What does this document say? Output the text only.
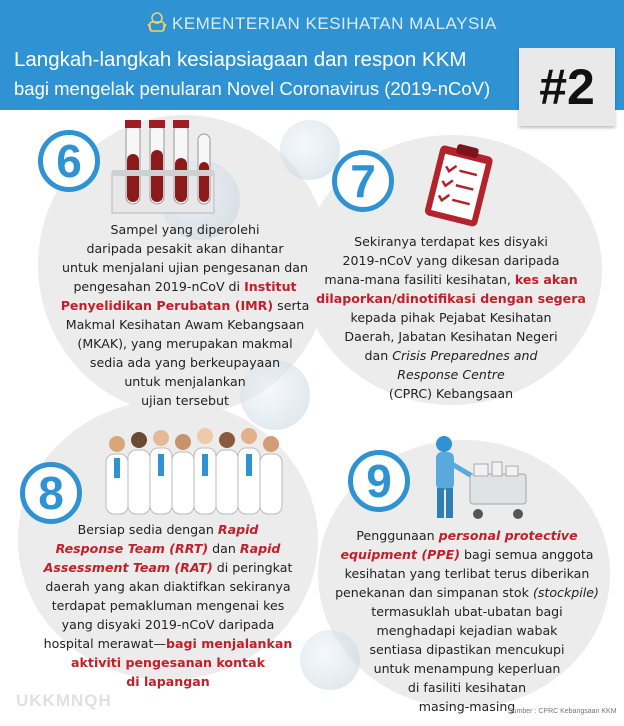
KEMENTERIAN KESIHATAN MALAYSIA
Langkah-langkah kesiapsiagaan dan respon KKM
bagi mengelak penularan Novel Coronavirus (2019-nCoV) #2
6
Sampel yang diperolehi
daripada pesakit akan dihantar
untuk menjalani ujian pengesanan dan
pengesahan 2019-nCoV di Institut
Penyelidikan Perubatan (IMR) serta
Makmal Kesihatan Awam Kebangsaan
(MKAK), yang merupakan makmal
sedia ada yang berkeupayaan
untuk menjalankan
ujian tersebut
7
Sekiranya terdapat kes disyaki
2019-nCoV yang dikesan daripada
mana-mana fasiliti kesihatan, kes akan
dilaporkan/dinotifikasi dengan segera
kepada pihak Pejabat Kesihatan
Daerah, Jabatan Kesihatan Negeri
dan Crisis Preparednes and
Response Centre
(CPRC) Kebangsaan
8
Bersiap sedia dengan Rapid
Response Team (RRT) dan Rapid
Assessment Team (RAT) di peringkat
daerah yang akan diaktifkan sekiranya
terdapat pemakluman mengenai kes
yang disyaki 2019-nCoV daripada
hospital merawat—bagi menjalankan
aktiviti pengesanan kontak
di lapangan
9
Penggunaan personal protective
equipment (PPE) bagi semua anggota
kesihatan yang terlibat terus diberikan
penekanan dan simpanan stok (stockpile)
termasuklah ubat-ubatan bagi
menghadapi kejadian wabak
sentiasa dipastikan mencukupi
untuk menampung keperluan
di fasiliti kesihatan
masing-masing
UKKMNQH
Sumber : CPRC Kebangsaan KKM
